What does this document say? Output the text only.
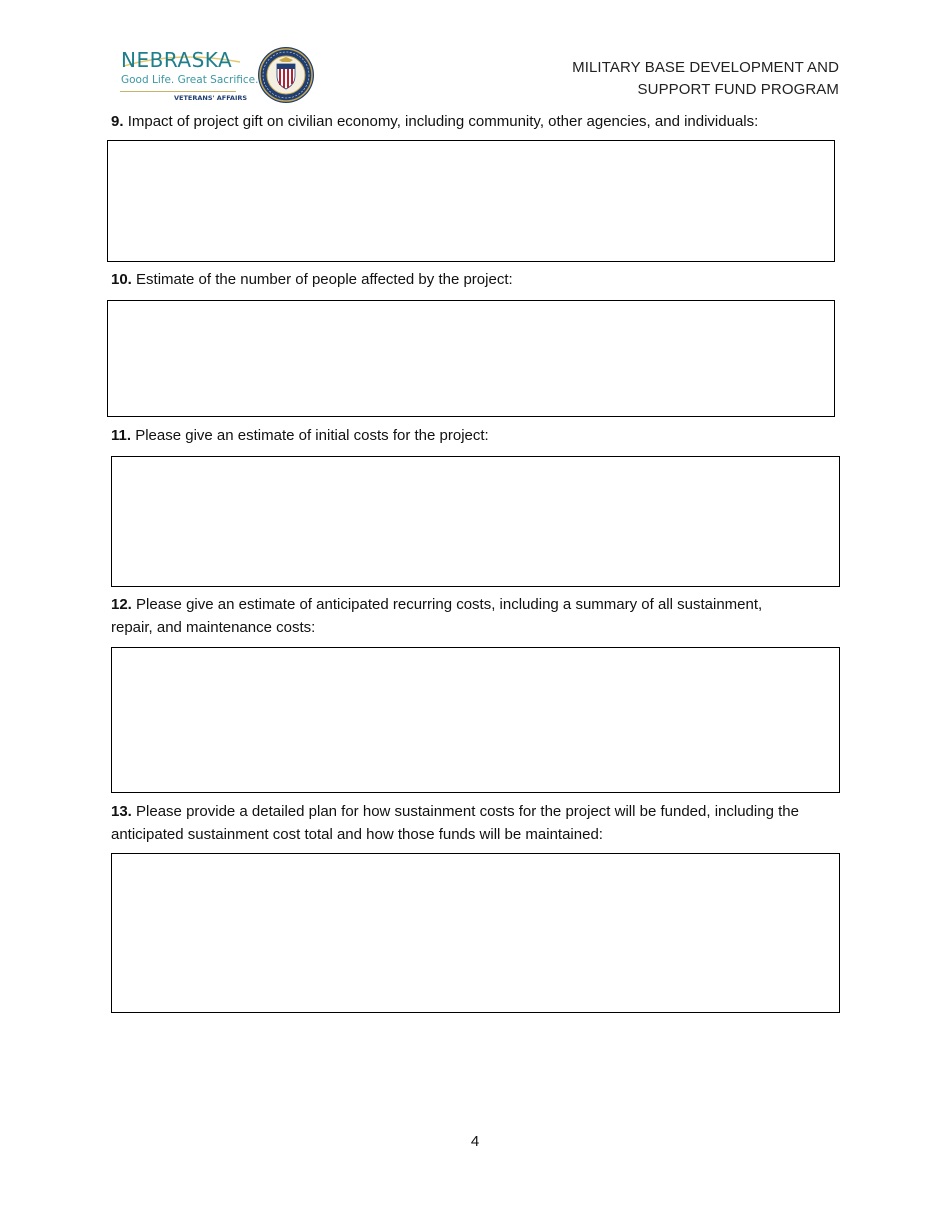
NEBRASKA
Good Life. Great Sacrifice.
VETERANS' AFFAIRS
MILITARY BASE DEVELOPMENT AND
SUPPORT FUND PROGRAM
9. Impact of project gift on civilian economy, including community, other agencies, and individuals:
10. Estimate of the number of people affected by the project:
11. Please give an estimate of initial costs for the project:
12. Please give an estimate of anticipated recurring costs, including a summary of all sustainment,
repair, and maintenance costs:
13. Please provide a detailed plan for how sustainment costs for the project will be funded, including the
anticipated sustainment cost total and how those funds will be maintained:
4
